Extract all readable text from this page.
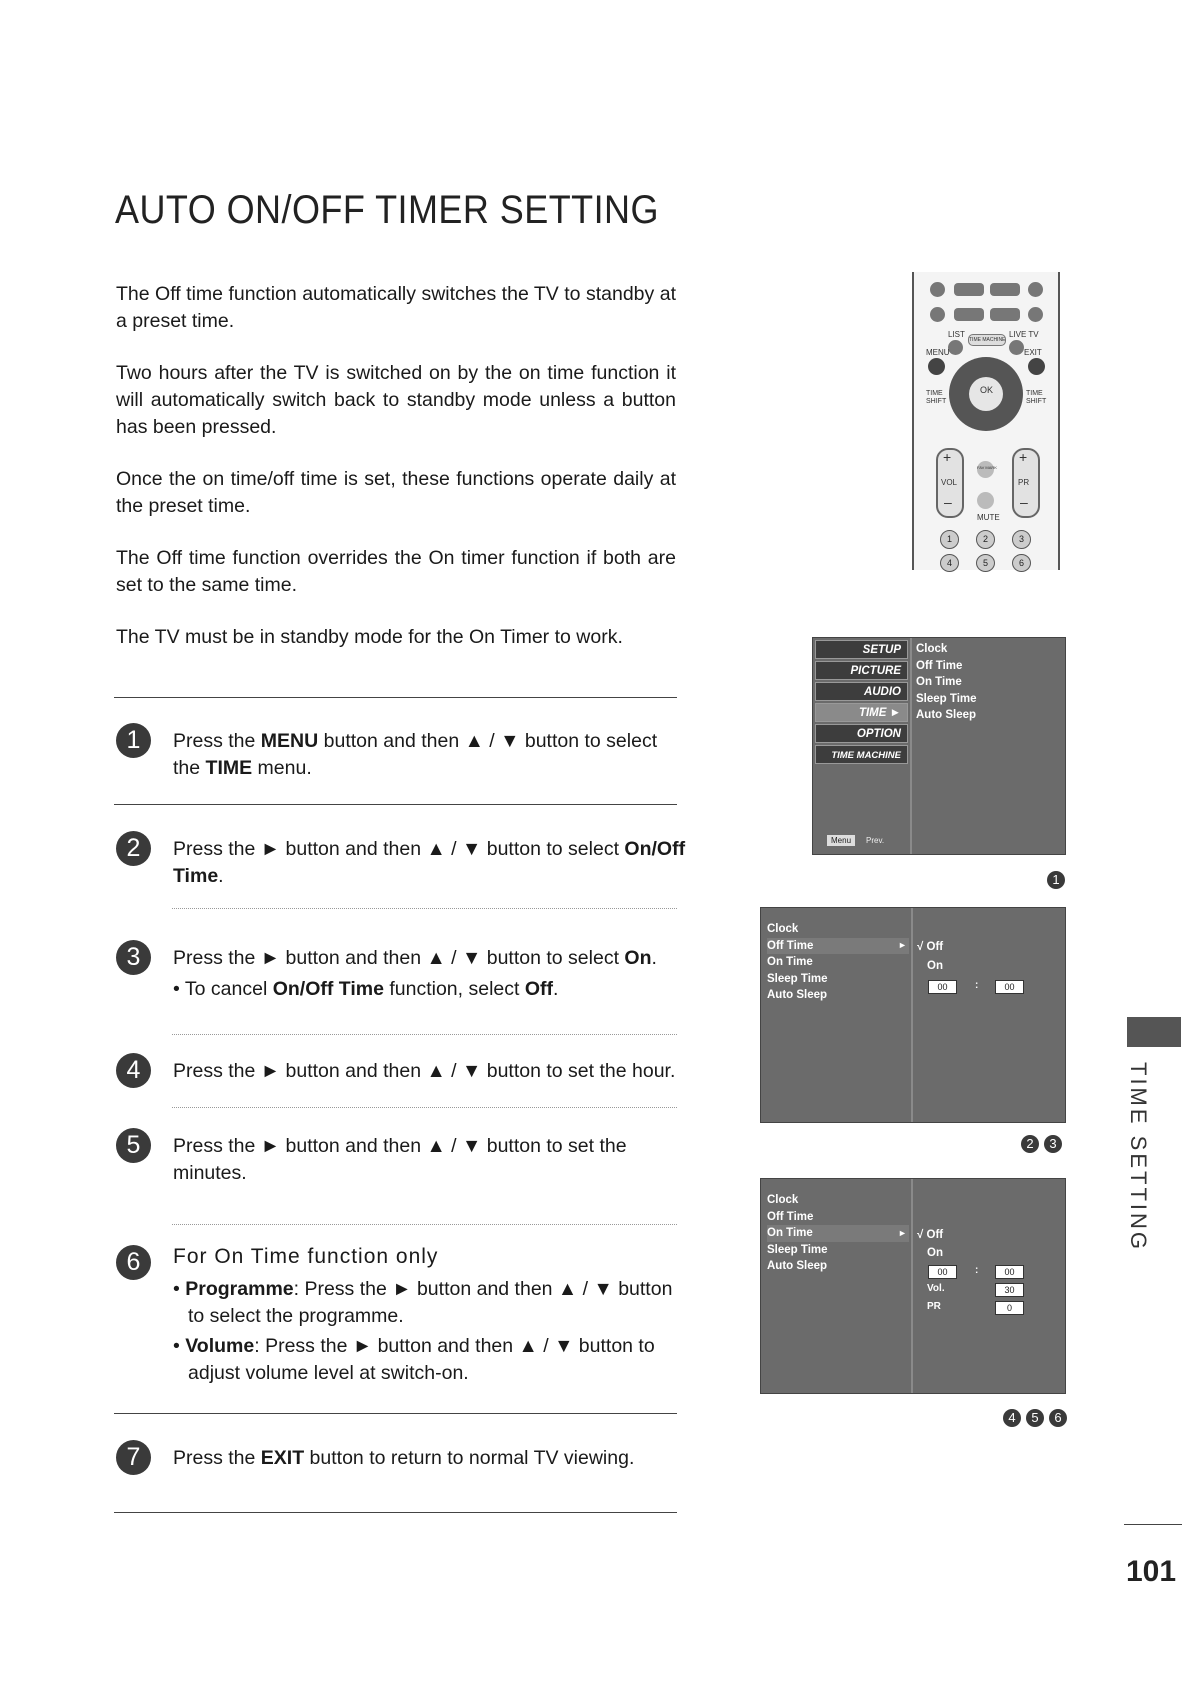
AUTO ON/OFF TIMER SETTING
The Off time function automatically switches the TV to standby at a preset time.
Two hours after the TV is switched on by the on time function it will automatically switch back to standby mode unless a button has been pressed.
Once the on time/off time is set, these functions operate daily at the preset time.
The Off time function overrides the On timer function if both are set to the same time.
The TV must be in standby mode for the On Timer to work.
1	Press the MENU button and then ▲ / ▼ button to select the TIME menu.
2	Press the ► button and then ▲ / ▼ button to select On/Off Time.
3	Press the ► button and then ▲ / ▼ button to select On.
• To cancel On/Off Time function, select Off.
4	Press the ► button and then ▲ / ▼ button to set the hour.
5	Press the ► button and then ▲ / ▼ button to set the minutes.
6	For On Time function only
• Programme: Press the ► button and then ▲ / ▼ button to select the programme.
• Volume: Press the ► button and then ▲ / ▼ button to adjust volume level at switch-on.
7	Press the EXIT button to return to normal TV viewing.
LIST
TIME MACHINE
LIVE TV
MENU	EXIT
OK
TIME SHIFT
TIME SHIFT
VOL	PR
+	+
–	–
FAV MARK
MUTE
1	2	3
4	5	6
SETUP
PICTURE
AUDIO
TIME ►
OPTION
TIME MACHINE
Clock
Off Time
On Time
Sleep Time
Auto Sleep
Menu	Prev.
1
Clock
Off Time
On Time
Sleep Time
Auto Sleep
► √ Off
On
00	:	00
2	3
Clock
Off Time
On Time
Sleep Time
Auto Sleep
► √ Off
On
00	:	00
Vol.	30
PR	0
4	5	6
TIME SETTING
101
